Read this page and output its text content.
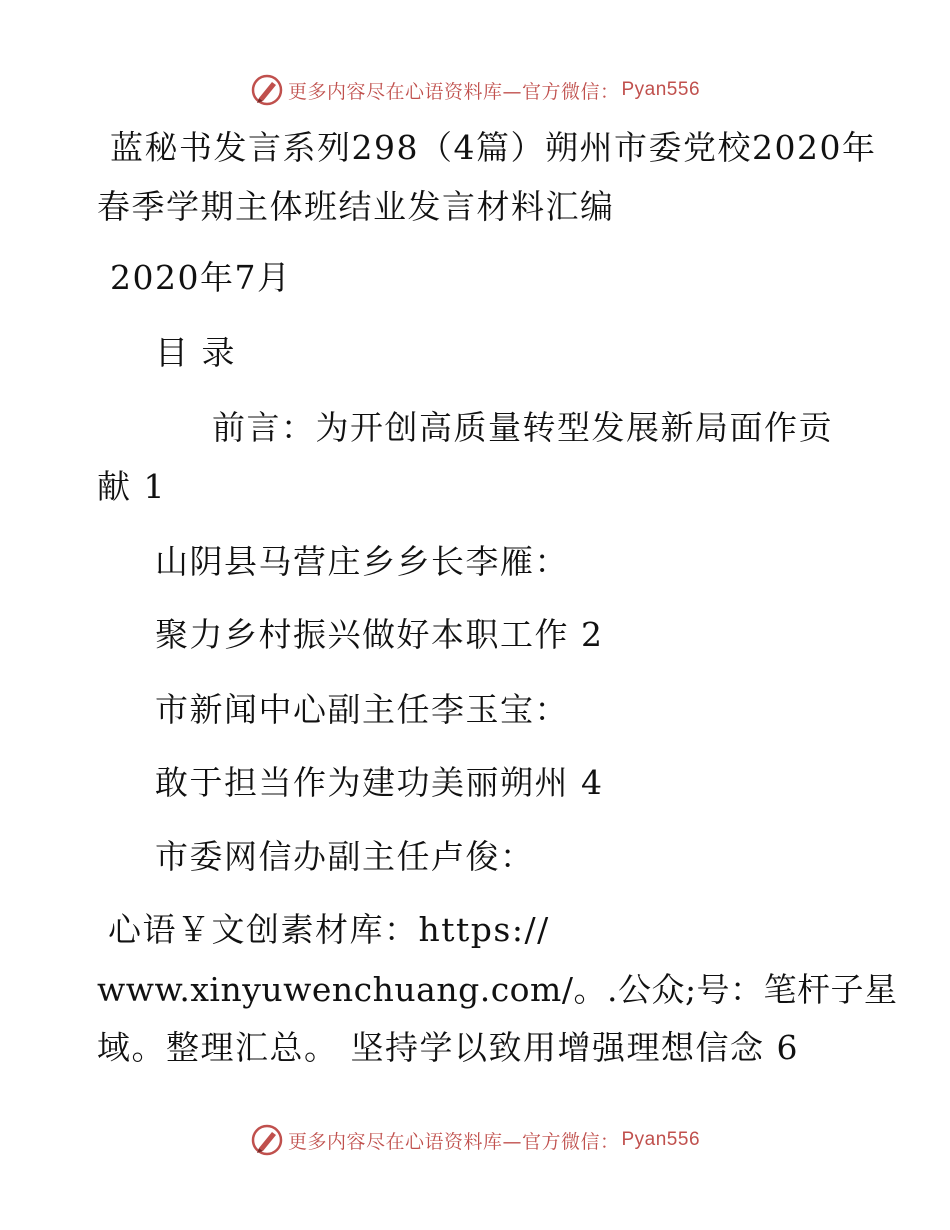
更多内容尽在心语资料库—官方微信： Pyan556
蓝秘书发言系列298（4篇）朔州市委党校2020年
春季学期主体班结业发言材料汇编
2020年7月
目 录
前言：为开创高质量转型发展新局面作贡
献 1
山阴县马营庄乡乡长李雁：
聚力乡村振兴做好本职工作 2
市新闻中心副主任李玉宝：
敢于担当作为建功美丽朔州 4
市委网信办副主任卢俊：
心语￥文创素材库：https://
www.xinyuwenchuang.com/。.公众;号：笔杆子星
域。整理汇总。 坚持学以致用增强理想信念 6
更多内容尽在心语资料库—官方微信： Pyan556
